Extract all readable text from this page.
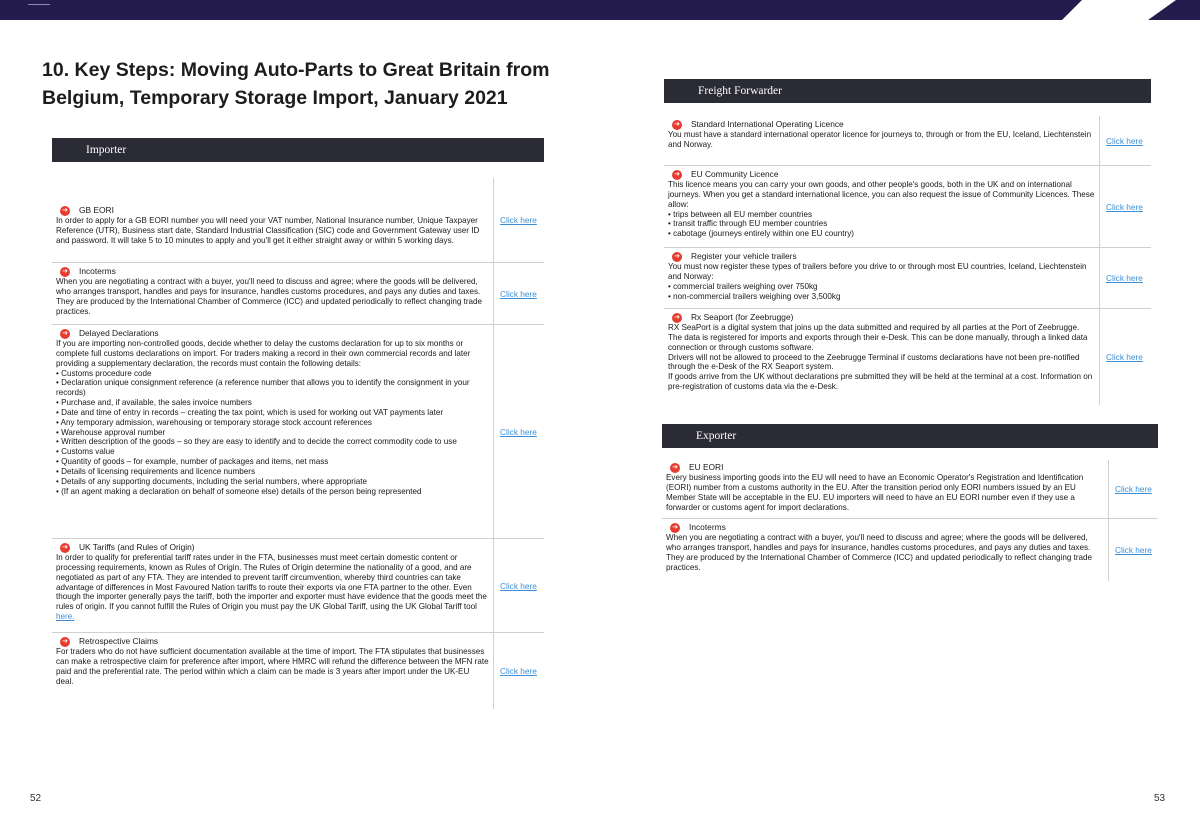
10. Key Steps: Moving Auto-Parts to Great Britain from Belgium, Temporary Storage Import, January 2021
Importer
➔ GB EORI
In order to apply for a GB EORI number you will need your VAT number, National Insurance number, Unique Taxpayer Reference (UTR), Business start date, Standard Industrial Classification (SIC) code and Government Gateway user ID and password. It will take 5 to 10 minutes to apply and you'll get it either straight away or within 5 working days.
Click here
➔ Incoterms
When you are negotiating a contract with a buyer, you'll need to discuss and agree; where the goods will be delivered, who arranges transport, handles and pays for insurance, handles customs procedures, and pays any duties and taxes. They are produced by the International Chamber of Commerce (ICC) and updated periodically to reflect changing trade practices.
Click here
➔ Delayed Declarations
If you are importing non-controlled goods, decide whether to delay the customs declaration for up to six months or complete full customs declarations on import. For traders making a record in their own commercial records and later providing a supplementary declaration, the records must contain the following details:
• Customs procedure code
• Declaration unique consignment reference (a reference number that allows you to identify the consignment in your records)
• Purchase and, if available, the sales invoice numbers
• Date and time of entry in records – creating the tax point, which is used for working out VAT payments later
• Any temporary admission, warehousing or temporary storage stock account references
• Warehouse approval number
• Written description of the goods – so they are easy to identify and to decide the correct commodity code to use
• Customs value
• Quantity of goods – for example, number of packages and items, net mass
• Details of licensing requirements and licence numbers
• Details of any supporting documents, including the serial numbers, where appropriate
• (If an agent making a declaration on behalf of someone else) details of the person being represented
Click here
➔ UK Tariffs (and Rules of Origin)
In order to qualify for preferential tariff rates under in the FTA, businesses must meet certain domestic content or processing requirements, known as Rules of Origin. The Rules of Origin determine the nationality of a good, and are negotiated as part of any FTA. They are intended to prevent tariff circumvention, whereby third countries can take advantage of differences in Most Favoured Nation tariffs to route their exports via one FTA partner to the other. Even though the importer generally pays the tariff, both the importer and exporter must have evidence that the goods meet the rules of origin. If you cannot fulfill the Rules of Origin you must pay the UK Global Tariff, using the UK Global Tariff tool here.
Click here
➔ Retrospective Claims
For traders who do not have sufficient documentation available at the time of import. The FTA stipulates that businesses can make a retrospective claim for preference after import, where HMRC will refund the difference between the MFN rate paid and the preferential rate. The period within which a claim can be made is 3 years after import under the UK-EU deal.
Click here
Freight Forwarder
➔ Standard International Operating Licence
You must have a standard international operator licence for journeys to, through or from the EU, Iceland, Liechtenstein and Norway.	Click here
➔ EU Community Licence
This licence means you can carry your own goods, and other people's goods, both in the UK and on international journeys. When you get a standard international licence, you can also request the issue of Community Licences. These allow:
• trips between all EU member countries
• transit traffic through EU member countries
• cabotage (journeys entirely within one EU country)
Click here
➔ Register your vehicle trailers
You must now register these types of trailers before you drive to or through most EU countries, Iceland, Liechtenstein and Norway:
• commercial trailers weighing over 750kg
• non-commercial trailers weighing over 3,500kg
Click here
➔ Rx Seaport (for Zeebrugge)
RX SeaPort is a digital system that joins up the data submitted and required by all parties at the Port of Zeebrugge. The data is registered for imports and exports through their e-Desk. This can be done manually, through a linked data connection or through customs software.
Drivers will not be allowed to proceed to the Zeebrugge Terminal if customs declarations have not been pre-notified through the e-Desk of the RX Seaport system.
If goods arrive from the UK without declarations pre submitted they will be held at the terminal at a cost. Information on pre-registration of customs data via the e-Desk.
Click here
Exporter
➔ EU EORI
Every business importing goods into the EU will need to have an Economic Operator's Registration and Identification (EORI) number from a customs authority in the EU. After the transition period only EORI numbers issued by an EU Member State will be acceptable in the EU. EU importers will need to have an EU EORI number even if they use a forwarder or customs agent for import declarations.
Click here
➔ Incoterms
When you are negotiating a contract with a buyer, you'll need to discuss and agree; where the goods will be delivered, who arranges transport, handles and pays for insurance, handles customs procedures, and pays any duties and taxes. They are produced by the International Chamber of Commerce (ICC) and updated periodically to reflect changing trade practices.
Click here
52	53
